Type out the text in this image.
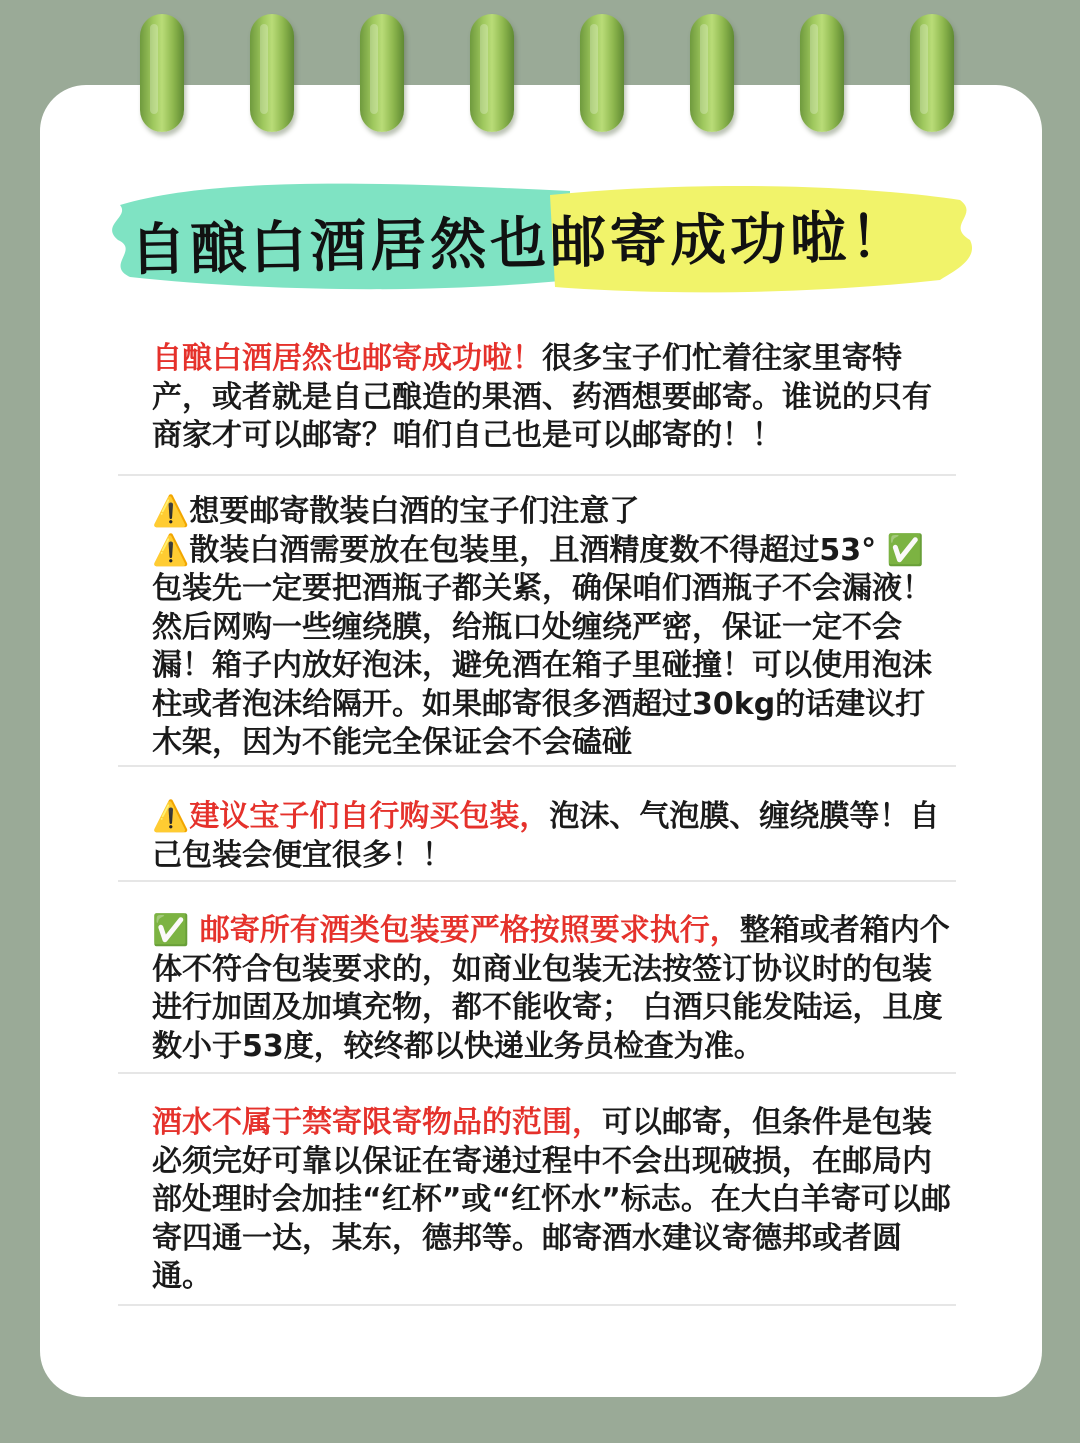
自酿白酒居然也邮寄成功啦！

自酿白酒居然也邮寄成功啦！很多宝子们忙着往家里寄特产，或者就是自己酿造的果酒、药酒想要邮寄。谁说的只有商家才可以邮寄？咱们自己也是可以邮寄的！！

⚠️想要邮寄散装白酒的宝子们注意了

⚠️散装白酒需要放在包装里，且酒精度数不得超过53° ✅包装先一定要把酒瓶子都关紧，确保咱们酒瓶子不会漏液！然后网购一些缠绕膜，给瓶口处缠绕严密，保证一定不会漏！箱子内放好泡沫，避免酒在箱子里碰撞！可以使用泡沫柱或者泡沫给隔开。如果邮寄很多酒超过30kg的话建议打木架，因为不能完全保证会不会磕碰

⚠️建议宝子们自行购买包装，泡沫、气泡膜、缠绕膜等！自己包装会便宜很多！！

✅ 邮寄所有酒类包装要严格按照要求执行，整箱或者箱内个体不符合包装要求的，如商业包装无法按签订协议时的包装进行加固及加填充物，都不能收寄； 白酒只能发陆运，且度数小于53度，较终都以快递业务员检查为准。

酒水不属于禁寄限寄物品的范围，可以邮寄，但条件是包装必须完好可靠以保证在寄递过程中不会出现破损，在邮局内部处理时会加挂“红杯”或“红怀水”标志。在大白羊寄可以邮寄四通一达，某东，德邦等。邮寄酒水建议寄德邦或者圆通。
